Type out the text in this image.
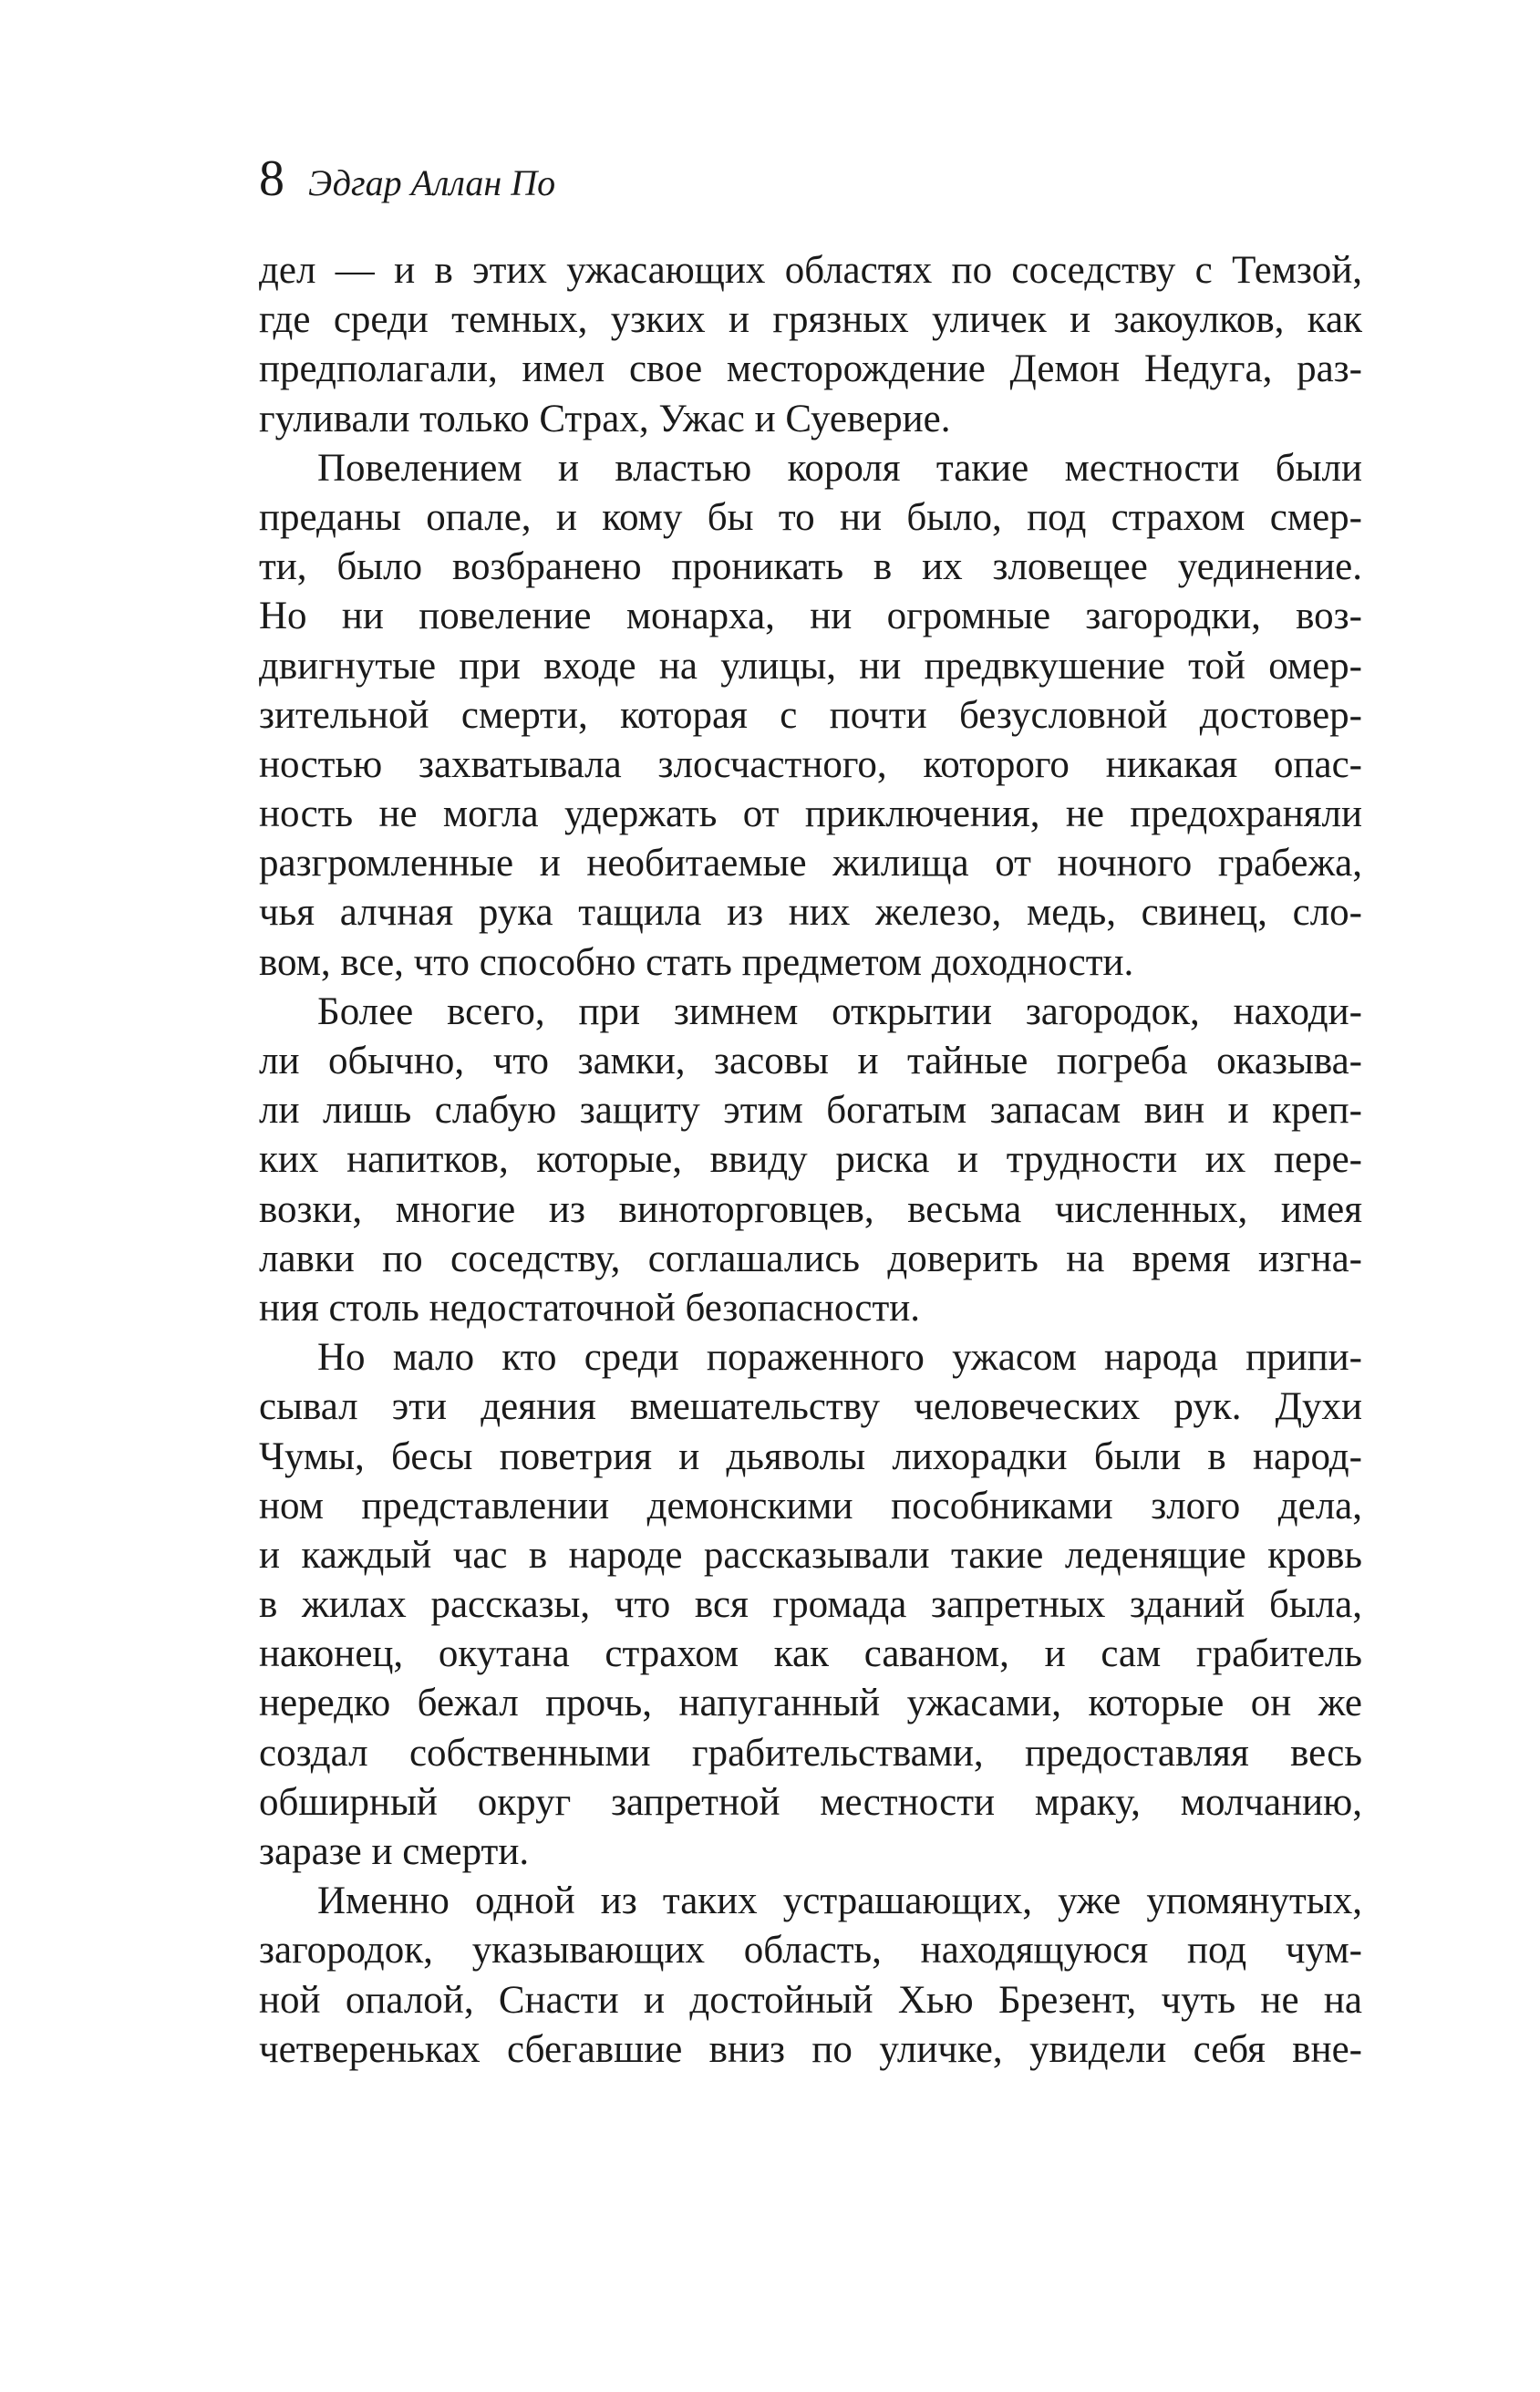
8 Эдгар Аллан По
дел — и в этих ужасающих областях по соседству с Темзой,
где среди темных, узких и грязных уличек и закоулков, как
предполагали, имел свое месторождение Демон Недуга, раз-
гуливали только Страх, Ужас и Суеверие.
Повелением и властью короля такие местности были
преданы опале, и кому бы то ни было, под страхом смер-
ти, было возбранено проникать в их зловещее уединение.
Но ни повеление монарха, ни огромные загородки, воз-
двигнутые при входе на улицы, ни предвкушение той омер-
зительной смерти, которая с почти безусловной достовер-
ностью захватывала злосчастного, которого никакая опас-
ность не могла удержать от приключения, не предохраняли
разгромленные и необитаемые жилища от ночного грабежа,
чья алчная рука тащила из них железо, медь, свинец, сло-
вом, все, что способно стать предметом доходности.
Более всего, при зимнем открытии загородок, находи-
ли обычно, что замки, засовы и тайные погреба оказыва-
ли лишь слабую защиту этим богатым запасам вин и креп-
ких напитков, которые, ввиду риска и трудности их пере-
возки, многие из виноторговцев, весьма численных, имея
лавки по соседству, соглашались доверить на время изгна-
ния столь недостаточной безопасности.
Но мало кто среди пораженного ужасом народа припи-
сывал эти деяния вмешательству человеческих рук. Духи
Чумы, бесы поветрия и дьяволы лихорадки были в народ-
ном представлении демонскими пособниками злого дела,
и каждый час в народе рассказывали такие леденящие кровь
в жилах рассказы, что вся громада запретных зданий была,
наконец, окутана страхом как саваном, и сам грабитель
нередко бежал прочь, напуганный ужасами, которые он же
создал собственными грабительствами, предоставляя весь
обширный округ запретной местности мраку, молчанию,
заразе и смерти.
Именно одной из таких устрашающих, уже упомянутых,
загородок, указывающих область, находящуюся под чум-
ной опалой, Снасти и достойный Хью Брезент, чуть не на
четвереньках сбегавшие вниз по уличке, увидели себя вне-
